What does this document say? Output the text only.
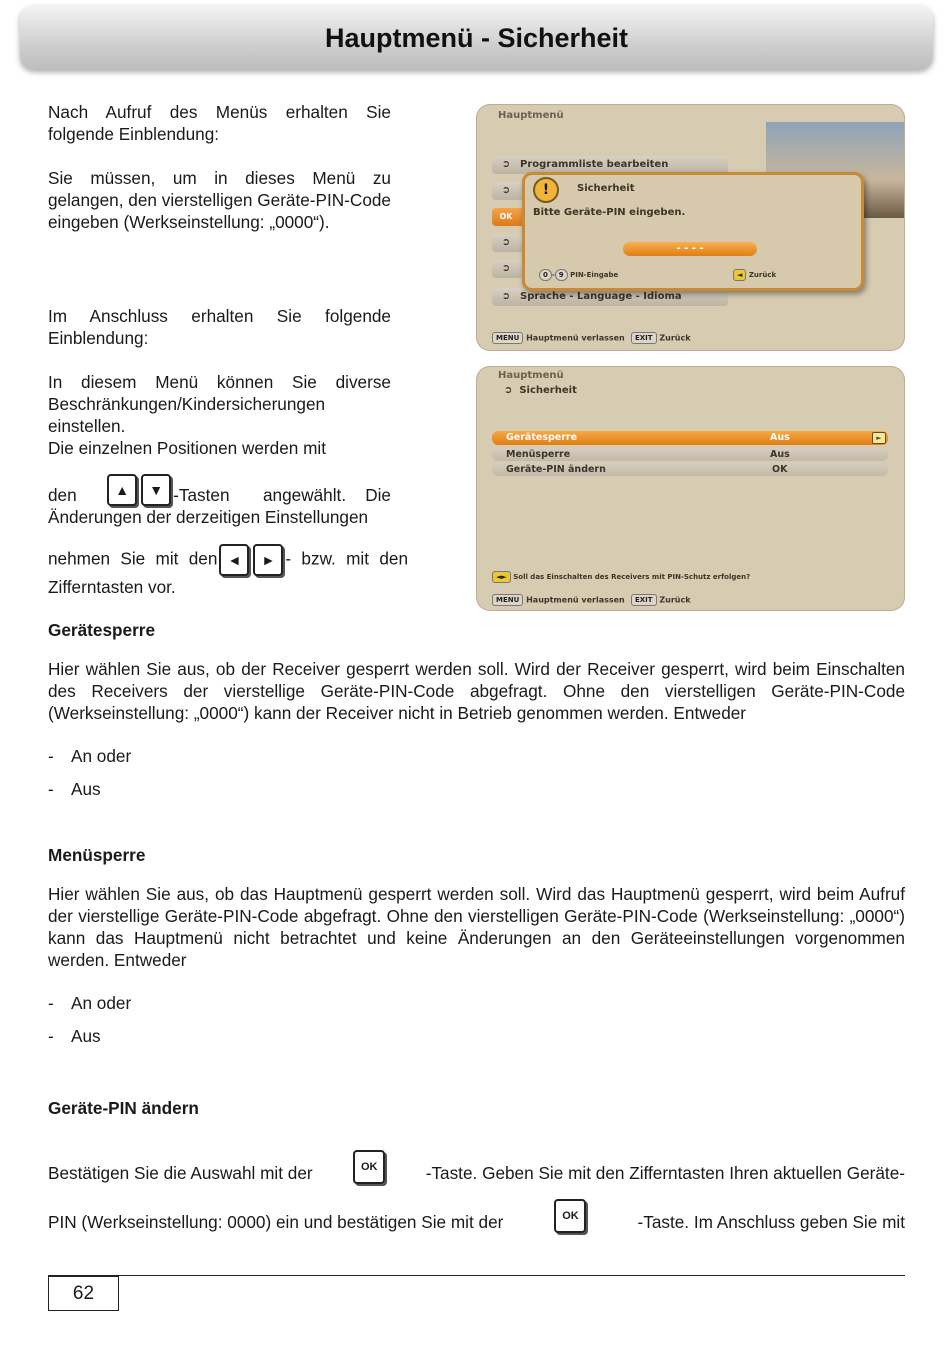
Hauptmenü - Sicherheit

Nach Aufruf des Menüs erhalten Sie folgende Einblendung:

Sie müssen, um in dieses Menü zu gelangen, den vierstelligen Geräte-PIN-Code eingeben (Werkseinstellung: „0000“).

Im Anschluss erhalten Sie folgende Einblendung:

In diesem Menü können Sie diverse Beschränkungen/Kindersicherungen einstellen.

Die einzelnen Positionen werden mit

den	▲	▼ -Tasten       angewählt.    Die
Änderungen der derzeitigen Einstellungen
nehmen Sie mit den ◄ ► - bzw. mit den Zifferntasten vor.
Hauptmenü
➲ Programmliste bearbeiten
➲
OK
➲
➲
➲ Sprache - Language - Idioma
!	Sicherheit
Bitte Geräte-PIN eingeben.
- - - -
0 - 9 PIN-Eingabe	◄ Zurück
MENU Hauptmenü verlassen	EXIT Zurück
Hauptmenü
➲  Sicherheit
Gerätesperre	Aus	►
Menüsperre	Aus
Geräte-PIN ändern	OK
◄► Soll das Einschalten des Receivers mit PIN-Schutz erfolgen?
MENU Hauptmenü verlassen	EXIT Zurück
Gerätesperre

Hier wählen Sie aus, ob der Receiver gesperrt werden soll. Wird der Receiver gesperrt, wird beim Einschalten des Receivers der vierstellige Geräte-PIN-Code abgefragt. Ohne den vierstelligen Geräte-PIN-Code (Werkseinstellung: „0000“) kann der Receiver nicht in Betrieb genommen werden. Entweder

- An oder
- Aus
Menüsperre

Hier wählen Sie aus, ob das Hauptmenü gesperrt werden soll. Wird das Hauptmenü gesperrt, wird beim Aufruf der vierstellige Geräte-PIN-Code abgefragt. Ohne den vierstelligen Geräte-PIN-Code (Werkseinstellung: „0000“) kann das Hauptmenü nicht betrachtet und keine Änderungen an den Geräteeinstellungen vorgenommen werden. Entweder

- An oder
- Aus
Geräte-PIN ändern
Bestätigen Sie die Auswahl mit der	OK	-Taste. Geben Sie mit den Zifferntasten Ihren aktuellen Geräte-
PIN (Werkseinstellung: 0000) ein und bestätigen Sie mit der	OK	-Taste. Im Anschluss geben Sie mit
62
